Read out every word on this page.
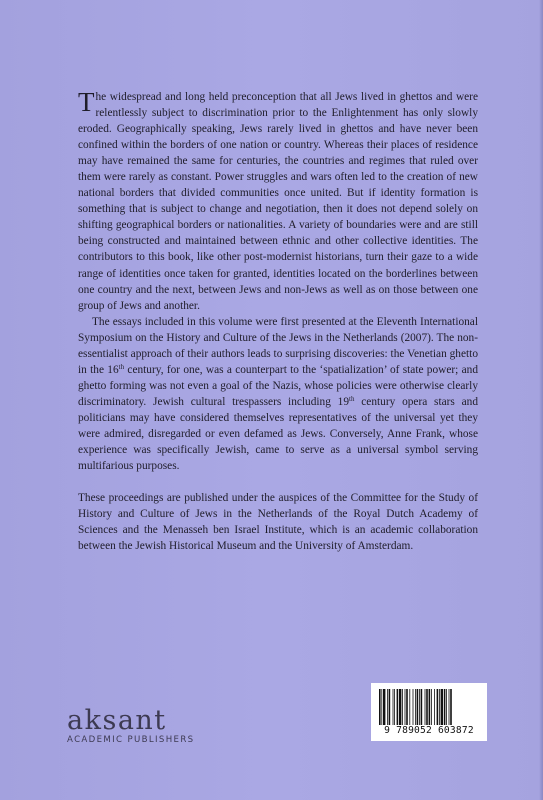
The widespread and long held preconception that all Jews lived in ghettos and were relentlessly subject to discrimination prior to the Enlightenment has only slowly eroded. Geographically speaking, Jews rarely lived in ghettos and have never been confined within the borders of one nation or country. Whereas their places of residence may have remained the same for centuries, the countries and regimes that ruled over them were rarely as constant. Power struggles and wars often led to the creation of new national borders that divided communities once united. But if identity formation is something that is subject to change and negotiation, then it does not depend solely on shifting geographical borders or nationalities. A variety of boundaries were and are still being constructed and maintained between ethnic and other collective identities. The contributors to this book, like other post-modernist historians, turn their gaze to a wide range of identities once taken for granted, identities located on the borderlines between one country and the next, between Jews and non-Jews as well as on those between one group of Jews and another.

The essays included in this volume were first presented at the Eleventh International Symposium on the History and Culture of the Jews in the Netherlands (2007). The non-essentialist approach of their authors leads to surprising discoveries: the Venetian ghetto in the 16th century, for one, was a counterpart to the ‘spatialization’ of state power; and ghetto forming was not even a goal of the Nazis, whose policies were otherwise clearly discriminatory. Jewish cultural trespassers including 19th century opera stars and politicians may have considered themselves representatives of the universal yet they were admired, disregarded or even defamed as Jews. Conversely, Anne Frank, whose experience was specifically Jewish, came to serve as a universal symbol serving multifarious purposes.

These proceedings are published under the auspices of the Committee for the Study of History and Culture of Jews in the Netherlands of the Royal Dutch Academy of Sciences and the Menasseh ben Israel Institute, which is an academic collaboration between the Jewish Historical Museum and the University of Amsterdam.

9 789052 603872
aksant
ACADEMIC PUBLISHERS
